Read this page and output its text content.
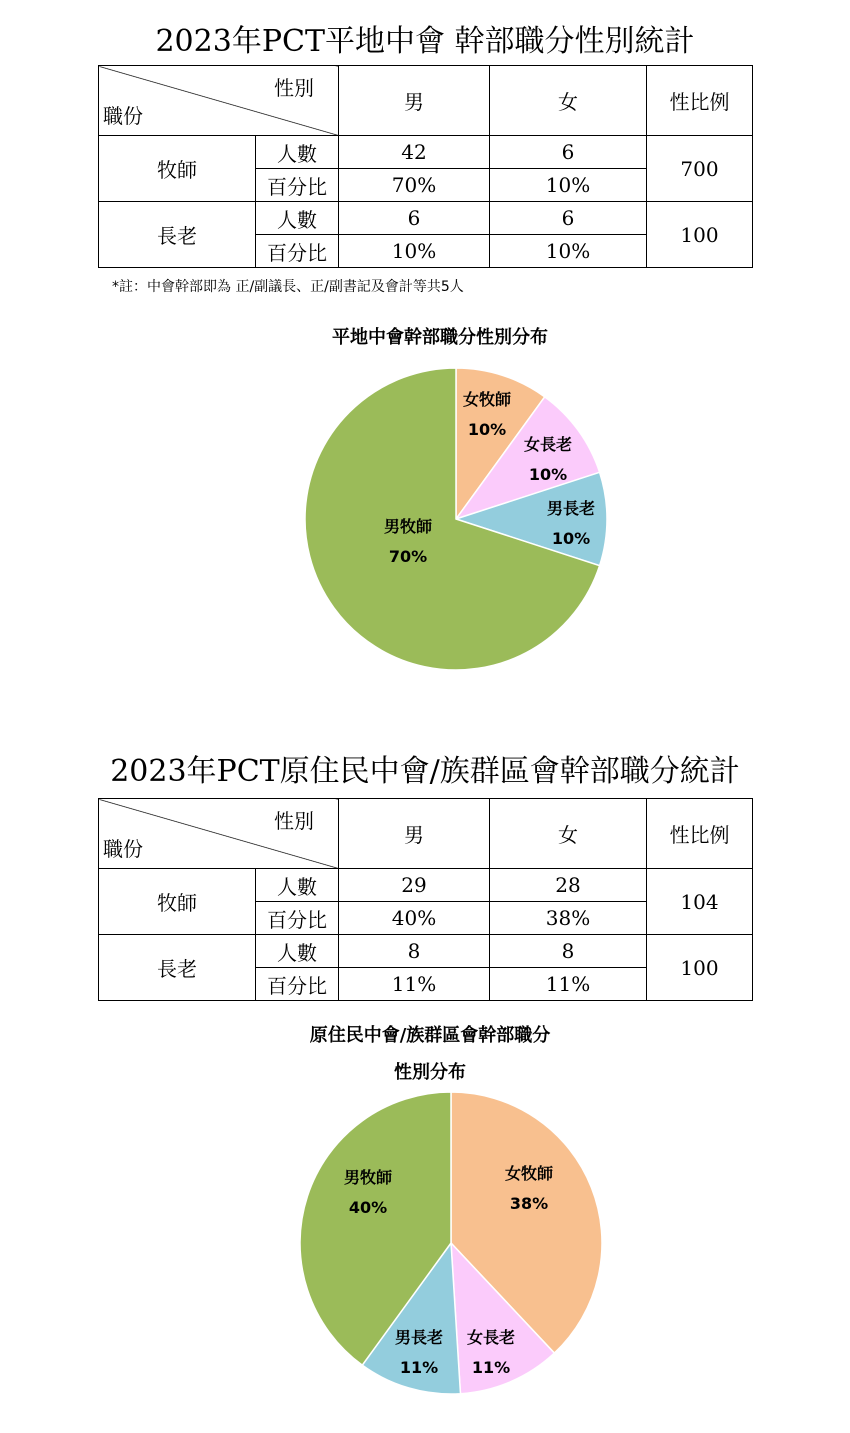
2023年PCT平地中會 幹部職分性別統計
性別
職份		男	女	性比例
牧師	人數	42	6	700
	百分比	70%	10%	
長老	人數	6	6	100
	百分比	10%	10%	
*註：中會幹部即為 正/副議長、正/副書記及會計等共5人
平地中會幹部職分性別分布
女牧師
10%
女長老
10%
男長老
10%
男牧師
70%
2023年PCT原住民中會/族群區會幹部職分統計
性別
職份		男	女	性比例
牧師	人數	29	28	104
	百分比	40%	38%	
長老	人數	8	8	100
	百分比	11%	11%	
原住民中會/族群區會幹部職分
性別分布
女牧師
38%
女長老
11%
男長老
11%
男牧師
40%
